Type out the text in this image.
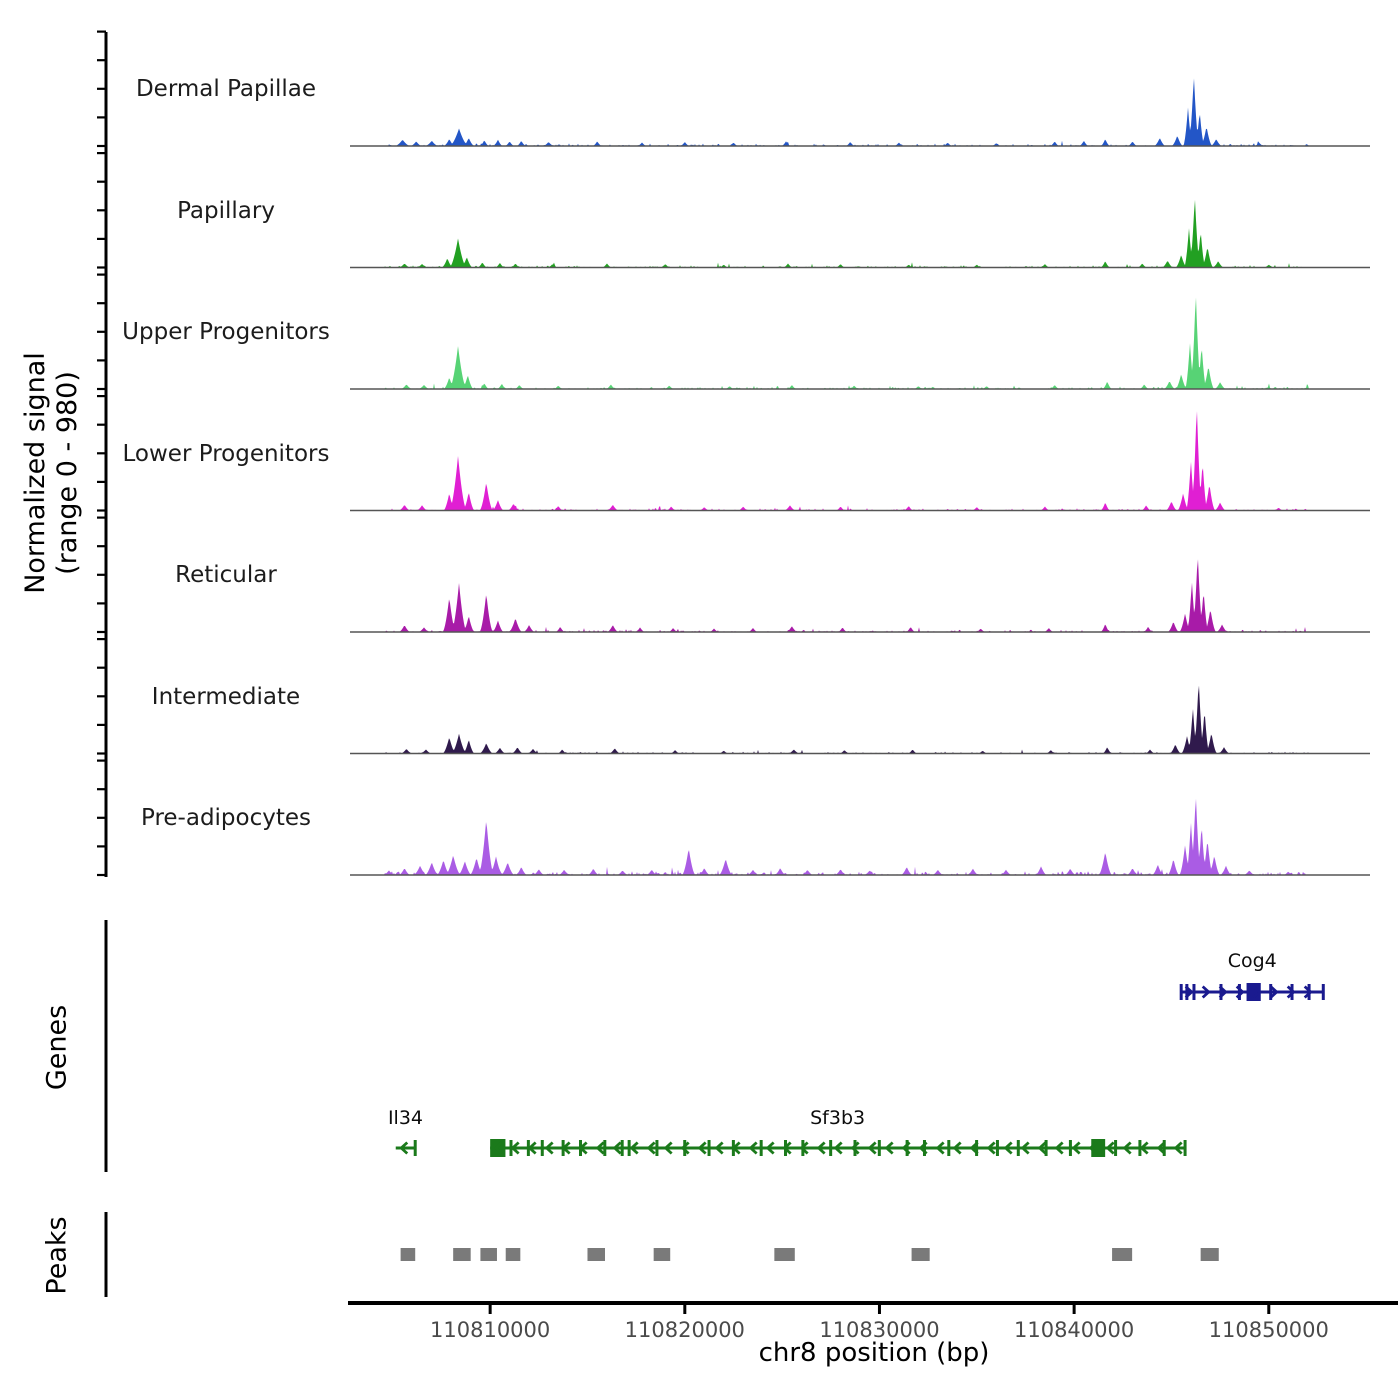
Normalized signal
(range 0 - 980)
Genes
Peaks
chr8 position (bp)
Dermal Papillae
Papillary
Upper Progenitors
Lower Progenitors
Reticular
Intermediate
Pre-adipocytes
110810000	110820000	110830000	110840000	110850000
Cog4
Il34	Sf3b3
